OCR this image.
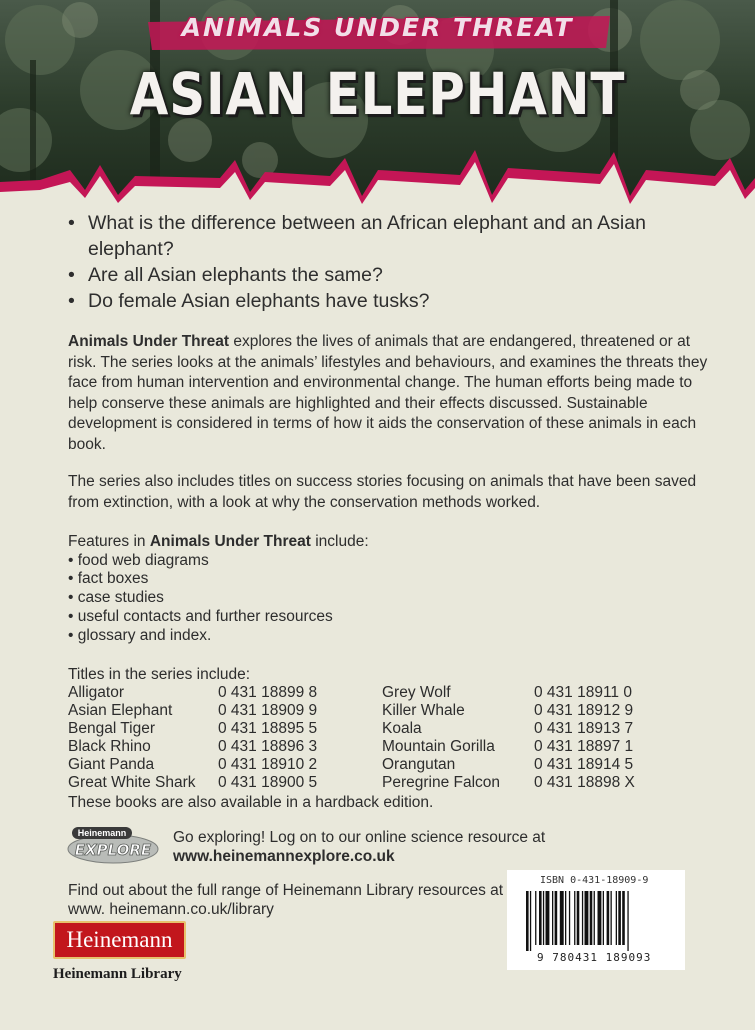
ANIMALS UNDER THREAT
ASIAN ELEPHANT
• What is the difference between an African elephant and an Asian elephant?
• Are all Asian elephants the same?
• Do female Asian elephants have tusks?
Animals Under Threat explores the lives of animals that are endangered, threatened or at risk. The series looks at the animals’ lifestyles and behaviours, and examines the threats they face from human intervention and environmental change. The human efforts being made to help conserve these animals are highlighted and their effects discussed. Sustainable development is considered in terms of how it aids the conservation of these animals in each book.
The series also includes titles on success stories focusing on animals that have been saved from extinction, with a look at why the conservation methods worked.
Features in Animals Under Threat include:
• food web diagrams
• fact boxes
• case studies
• useful contacts and further resources
• glossary and index.
Titles in the series include:
Alligator	0 431 18899 8
Asian Elephant	0 431 18909 9
Bengal Tiger	0 431 18895 5
Black Rhino	0 431 18896 3
Giant Panda	0 431 18910 2
Great White Shark 0 431 18900 5
Grey Wolf	0 431 18911 0
Killer Whale	0 431 18912 9
Koala	0 431 18913 7
Mountain Gorilla	0 431 18897 1
Orangutan	0 431 18914 5
Peregrine Falcon 0 431 18898 X
These books are also available in a hardback edition.
Heinemann
EXPLORE
Go exploring! Log on to our online science resource at
www.heinemannexplore.co.uk
Find out about the full range of Heinemann Library resources at
www. heinemann.co.uk/library
Heinemann
Heinemann Library
ISBN 0-431-18909-9
9 780431 189093
